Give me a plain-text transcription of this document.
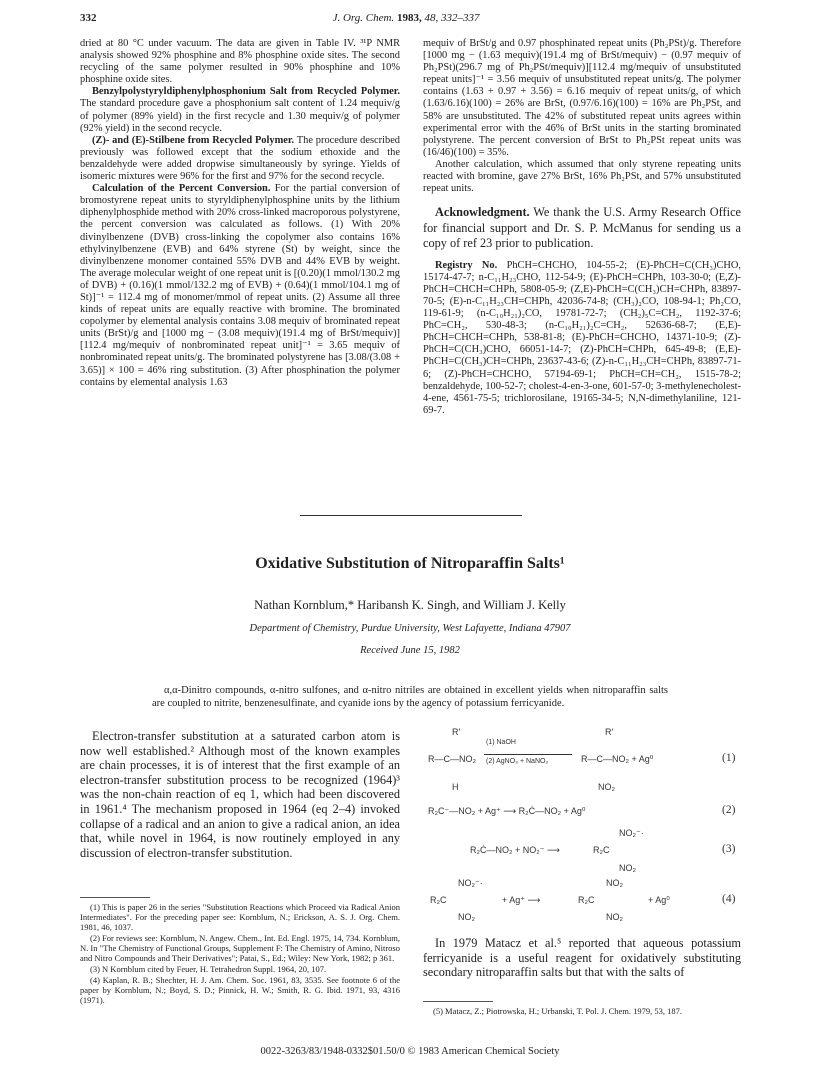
332	J. Org. Chem. 1983, 48, 332–337

dried at 80 °C under vacuum. The data are given in Table IV. ³¹P NMR analysis showed 92% phosphine and 8% phosphine oxide sites. The second recycling of the same polymer resulted in 90% phosphine and 10% phosphine oxide sites.

Benzylpolystyryldiphenylphosphonium Salt from Recycled Polymer. The standard procedure gave a phosphonium salt content of 1.24 mequiv/g of polymer (89% yield) in the first recycle and 1.30 mequiv/g of polymer (92% yield) in the second recycle.

(Z)- and (E)-Stilbene from Recycled Polymer. The procedure described previously was followed except that the sodium ethoxide and the benzaldehyde were added dropwise simultaneously by syringe. Yields of isomeric mixtures were 96% for the first and 97% for the second recycle.

Calculation of the Percent Conversion. For the partial conversion of bromostyrene repeat units to styryldiphenylphosphine units by the lithium diphenylphosphide method with 20% cross-linked macroporous polystyrene, the percent conversion was calculated as follows. (1) With 20% divinylbenzene (DVB) cross-linking the copolymer also contains 16% ethylvinylbenzene (EVB) and 64% styrene (St) by weight, since the divinylbenzene monomer contained 55% DVB and 44% EVB by weight. The average molecular weight of one repeat unit is [(0.20)(1 mmol/130.2 mg of DVB) + (0.16)(1 mmol/132.2 mg of EVB) + (0.64)(1 mmol/104.1 mg of St)]⁻¹ = 112.4 mg of monomer/mmol of repeat units. (2) Assume all three kinds of repeat units are equally reactive with bromine. The brominated copolymer by elemental analysis contains 3.08 mequiv of brominated repeat units (BrSt)/g and [1000 mg − (3.08 mequiv)(191.4 mg of BrSt/mequiv)][112.4 mg/mequiv of nonbrominated repeat unit]⁻¹ = 3.65 mequiv of nonbrominated repeat units/g. The brominated polystyrene has [3.08/(3.08 + 3.65)] × 100 = 46% ring substitution. (3) After phosphination the polymer contains by elemental analysis 1.63

mequiv of BrSt/g and 0.97 phosphinated repeat units (Ph₂PSt)/g. Therefore [1000 mg − (1.63 mequiv)(191.4 mg of BrSt/mequiv) − (0.97 mequiv of Ph₂PSt)(296.7 mg of Ph₂PSt/mequiv)][112.4 mg/mequiv of unsubstituted repeat units]⁻¹ = 3.56 mequiv of unsubstituted repeat units/g. The polymer contains (1.63 + 0.97 + 3.56) = 6.16 mequiv of repeat units/g, of which (1.63/6.16)(100) = 26% are BrSt, (0.97/6.16)(100) = 16% are Ph₂PSt, and 58% are unsubstituted. The 42% of substituted repeat units agrees within experimental error with the 46% of BrSt units in the starting brominated polystyrene. The percent conversion of BrSt to Ph₂PSt repeat units was (16/46)(100) = 35%.

Another calculation, which assumed that only styrene repeating units reacted with bromine, gave 27% BrSt, 16% Ph₂PSt, and 57% unsubstituted repeat units.

Acknowledgment. We thank the U.S. Army Research Office for financial support and Dr. S. P. McManus for sending us a copy of ref 23 prior to publication.

Registry No. PhCH=CHCHO, 104-55-2; (E)-PhCH=C(CH₃)CHO, 15174-47-7; n-C₁₁H₂₃CHO, 112-54-9; (E)-PhCH=CHPh, 103-30-0; (E,Z)-PhCH=CHCH=CHPh, 5808-05-9; (Z,E)-PhCH=C(CH₃)CH=CHPh, 83897-70-5; (E)-n-C₁₁H₂₃CH=CHPh, 42036-74-8; (CH₃)₂CO, 108-94-1; Ph₂CO, 119-61-9; (n-C₁₀H₂₁)₂CO, 19781-72-7; (CH₂)₅C=CH₂, 1192-37-6; PhC=CH₂, 530-48-3; (n-C₁₀H₂₁)₂C=CH₂, 52636-68-7; (E,E)-PhCH=CHCH=CHPh, 538-81-8; (E)-PhCH=CHCHO, 14371-10-9; (Z)-PhCH=C(CH₃)CHO, 66051-14-7; (Z)-PhCH=CHPh, 645-49-8; (E,E)-PhCH=C(CH₃)CH=CHPh, 23637-43-6; (Z)-n-C₁₁H₂₃CH=CHPh, 83897-71-6; (Z)-PhCH=CHCHO, 57194-69-1; PhCH=CH=CH₂, 1515-78-2; benzaldehyde, 100-52-7; cholest-4-en-3-one, 601-57-0; 3-methylenecholest-4-ene, 4561-75-5; trichlorosilane, 19165-34-5; N,N-dimethylaniline, 121-69-7.

Oxidative Substitution of Nitroparaffin Salts¹
Nathan Kornblum,* Haribansh K. Singh, and William J. Kelly
Department of Chemistry, Purdue University, West Lafayette, Indiana 47907
Received June 15, 1982

α,α-Dinitro compounds, α-nitro sulfones, and α-nitro nitriles are obtained in excellent yields when nitroparaffin salts are coupled to nitrite, benzenesulfinate, and cyanide ions by the agency of potassium ferricyanide.

Electron-transfer substitution at a saturated carbon atom is now well established.² Although most of the known examples are chain processes, it is of interest that the first example of an electron-transfer substitution process to be recognized (1964)³ was the non-chain reaction of eq 1, which had been discovered in 1961.⁴ The mechanism proposed in 1964 (eq 2–4) invoked collapse of a radical and an anion to give a radical anion, an idea that, while novel in 1964, is now routinely employed in any discussion of electron-transfer substitution.

(1) This is paper 26 in the series "Substitution Reactions which Proceed via Radical Anion Intermediates". For the preceding paper see: Kornblum, N.; Erickson, A. S. J. Org. Chem. 1981, 46, 1037.

(2) For reviews see: Kornblum, N. Angew. Chem., Int. Ed. Engl. 1975, 14, 734. Kornblum, N. In "The Chemistry of Functional Groups, Supplement F: The Chemistry of Amino, Nitroso and Nitro Compounds and Their Derivatives"; Patai, S., Ed.; Wiley: New York, 1982; p 361.

(3) N Kornblum cited by Feuer, H. Tetrahedron Suppl. 1964, 20, 107.

(4) Kaplan, R. B.; Shechter, H. J. Am. Chem. Soc. 1961, 83, 3535. See footnote 6 of the paper by Kornblum, N.; Boyd, S. D.; Pinnick, H. W.; Smith, R. G. Ibid. 1971, 93, 4316 (1971).

R′
R—C—NO₂
H
(1) NaOH
(2) AgNO₃ + NaNO₂
R′
R—C—NO₂ + Ag⁰
NO₂
(1)
R₂C⁻—NO₂ + Ag⁺ ⟶ R₂Ċ—NO₂ + Ag⁰	(2)
R₂Ċ—NO₂ + NO₂⁻ ⟶
NO₂⁻·
R₂C
NO₂
(3)
NO₂⁻·
R₂C
NO₂
+ Ag⁺ ⟶
NO₂
R₂C
NO₂
+ Ag⁰	(4)

In 1979 Matacz et al.⁵ reported that aqueous potassium ferricyanide is a useful reagent for oxidatively substituting secondary nitroparaffin salts but that with the salts of

(5) Matacz, Z.; Piotrowska, H.; Urbanski, T. Pol. J. Chem. 1979, 53, 187.

0022-3263/83/1948-0332$01.50/0 © 1983 American Chemical Society
